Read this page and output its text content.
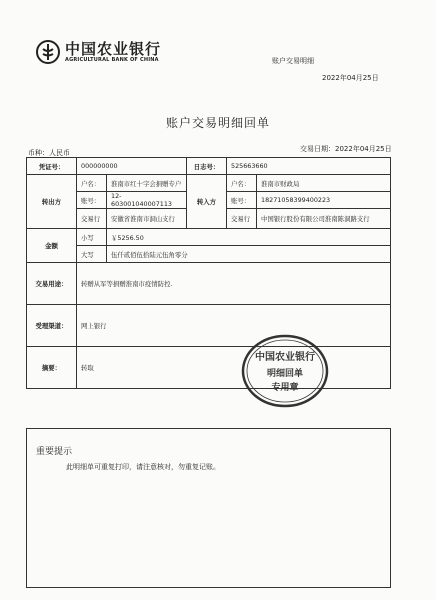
中国农业银行
AGRICULTURAL BANK OF CHINA	账户交易明细
2022年04月25日
账户交易明细回单
币种：人民币	交易日期：2022年04月25日
凭证号：	000000000		日志号：	525663660	
转出方	户名：	淮南市红十字会捐赠专户	转入方	户名：	淮南市财政局
	账号：	12-603001040007113		账号：	18271058399400223
	交易行	安徽省淮南市洞山支行		交易行	中国银行股份有限公司淮南陈洞路支行
金额	小写	￥5256.50			
	大写	伍仟贰佰伍拾陆元伍角零分			
交易用途：	转赠从军等捐赠淮南市疫情防控.				
受理渠道：	网上银行				
摘要：	转取				
中国农业银行
明细回单
专用章
重要提示
此明细单可重复打印，请注意核对，勿重复记账。
